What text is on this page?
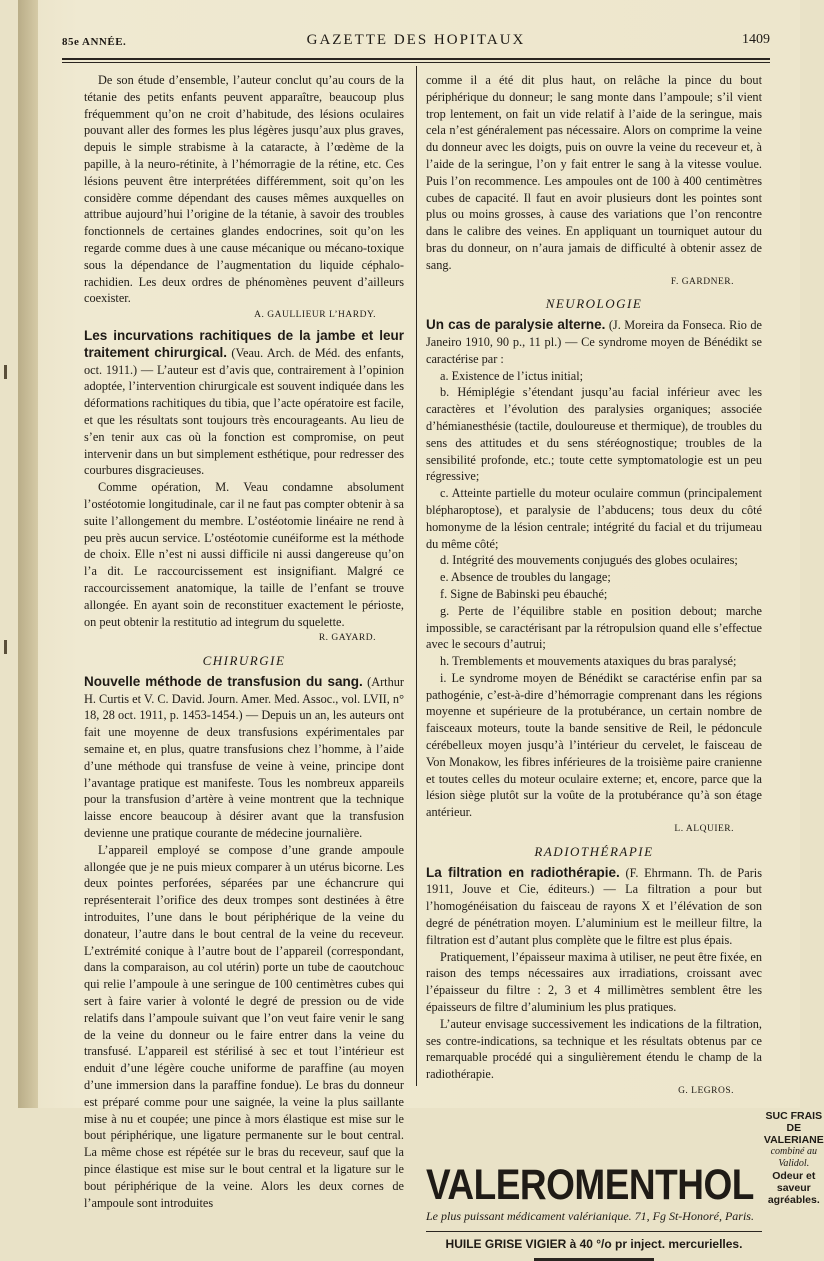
85e ANNÉE.	GAZETTE DES HOPITAUX	1409

De son étude d’ensemble, l’auteur conclut qu’au cours de la tétanie des petits enfants peuvent apparaître, beaucoup plus fréquemment qu’on ne croit d’habitude, des lésions oculaires pouvant aller des formes les plus légères jusqu’aux plus graves, depuis le simple strabisme à la cataracte, à l’œdème de la papille, à la neuro-rétinite, à l’hémorragie de la rétine, etc. Ces lésions peuvent être interprétées différemment, soit qu’on les considère comme dépendant des causes mêmes auxquelles on attribue aujourd’hui l’origine de la tétanie, à savoir des troubles fonctionnels de certaines glandes endocrines, soit qu’on les regarde comme dues à une cause mécanique ou mécano-toxique sous la dépendance de l’augmentation du liquide céphalo-rachidien. Les deux ordres de phénomènes peuvent d’ailleurs coexister.

A. GAULLIEUR L’HARDY.

Les incurvations rachitiques de la jambe et leur traitement chirurgical. (Veau. Arch. de Méd. des enfants, oct. 1911.) — L’auteur est d’avis que, contrairement à l’opinion adoptée, l’intervention chirurgicale est souvent indiquée dans les déformations rachitiques du tibia, que l’acte opératoire est facile, et que les résultats sont toujours très encourageants. Au lieu de s’en tenir aux cas où la fonction est compromise, on peut intervenir dans un but simplement esthétique, pour redresser des courbures disgracieuses.

Comme opération, M. Veau condamne absolument l’ostéotomie longitudinale, car il ne faut pas compter obtenir à sa suite l’allongement du membre. L’ostéotomie linéaire ne rend à peu près aucun service. L’ostéotomie cunéiforme est la méthode de choix. Elle n’est ni aussi difficile ni aussi dangereuse qu’on l’a dit. Le raccourcissement est insignifiant. Malgré ce raccourcissement anatomique, la taille de l’enfant se trouve allongée. En ayant soin de reconstituer exactement le périoste, on peut obtenir la restitutio ad integrum du squelette.

R. GAYARD.
CHIRURGIE

Nouvelle méthode de transfusion du sang. (Arthur H. Curtis et V. C. David. Journ. Amer. Med. Assoc., vol. LVII, n° 18, 28 oct. 1911, p. 1453-1454.) — Depuis un an, les auteurs ont fait une moyenne de deux transfusions expérimentales par semaine et, en plus, quatre transfusions chez l’homme, à l’aide d’une méthode qui transfuse de veine à veine, principe dont l’avantage pratique est manifeste. Tous les nombreux appareils pour la transfusion d’artère à veine montrent que la technique laisse encore beaucoup à désirer avant que la transfusion devienne une pratique courante de médecine journalière.

L’appareil employé se compose d’une grande ampoule allongée que je ne puis mieux comparer à un utérus bicorne. Les deux pointes perforées, séparées par une échancrure qui représenterait l’orifice des deux trompes sont destinées à être introduites, l’une dans le bout périphérique de la veine du donateur, l’autre dans le bout central de la veine du receveur. L’extrémité conique à l’autre bout de l’appareil (correspondant, dans la comparaison, au col utérin) porte un tube de caoutchouc qui relie l’ampoule à une seringue de 100 centimètres cubes qui sert à faire varier à volonté le degré de pression ou de vide relatifs dans l’ampoule suivant que l’on veut faire venir le sang de la veine du donneur ou le faire entrer dans la veine du transfusé. L’appareil est stérilisé à sec et tout l’intérieur est enduit d’une légère couche uniforme de paraffine (au moyen d’une immersion dans la paraffine fondue). Le bras du donneur est préparé comme pour une saignée, la veine la plus saillante mise à nu et coupée; une pince à mors élastique est mise sur le bout périphérique, une ligature permanente sur le bout central. La même chose est répétée sur le bras du receveur, sauf que la pince élastique est mise sur le bout central et la ligature sur le bout périphérique de la veine. Alors les deux cornes de l’ampoule sont introduites

comme il a été dit plus haut, on relâche la pince du bout périphérique du donneur; le sang monte dans l’ampoule; s’il vient trop lentement, on fait un vide relatif à l’aide de la seringue, mais cela n’est généralement pas nécessaire. Alors on comprime la veine du donneur avec les doigts, puis on ouvre la veine du receveur et, à l’aide de la seringue, l’on y fait entrer le sang à la vitesse voulue. Puis l’on recommence. Les ampoules ont de 100 à 400 centimètres cubes de capacité. Il faut en avoir plusieurs dont les pointes sont plus ou moins grosses, à cause des variations que l’on rencontre dans le calibre des veines. En appliquant un tourniquet autour du bras du donneur, on n’aura jamais de difficulté à obtenir assez de sang.

F. GARDNER.
NEUROLOGIE

Un cas de paralysie alterne. (J. Moreira da Fonseca. Rio de Janeiro 1910, 90 p., 11 pl.) — Ce syndrome moyen de Bénédikt se caractérise par :

a. Existence de l’ictus initial;

b. Hémiplégie s’étendant jusqu’au facial inférieur avec les caractères et l’évolution des paralysies organiques; associée d’hémianesthésie (tactile, douloureuse et thermique), de troubles du sens des attitudes et du sens stéréognostique; troubles de la sensibilité profonde, etc.; toute cette symptomatologie est un peu régressive;

c. Atteinte partielle du moteur oculaire commun (principalement blépharoptose), et paralysie de l’abducens; tous deux du côté homonyme de la lésion centrale; intégrité du facial et du trijumeau du même côté;

d. Intégrité des mouvements conjugués des globes oculaires;

e. Absence de troubles du langage;

f. Signe de Babinski peu ébauché;

g. Perte de l’équilibre stable en position debout; marche impossible, se caractérisant par la rétropulsion quand elle s’effectue avec le secours d’autrui;

h. Tremblements et mouvements ataxiques du bras paralysé;

i. Le syndrome moyen de Bénédikt se caractérise enfin par sa pathogénie, c’est-à-dire d’hémorragie comprenant dans les régions moyenne et supérieure de la protubérance, un certain nombre de faisceaux moteurs, toute la bande sensitive de Reil, le pédoncule cérébelleux moyen jusqu’à l’intérieur du cervelet, le faisceau de Von Monakow, les fibres inférieures de la troisième paire cranienne et toutes celles du moteur oculaire externe; et, encore, parce que la lésion siège plutôt sur la voûte de la protubérance qu’à son étage antérieur.

L. ALQUIER.
RADIOTHÉRAPIE

La filtration en radiothérapie. (F. Ehrmann. Th. de Paris 1911, Jouve et Cie, éditeurs.) — La filtration a pour but l’homogénéisation du faisceau de rayons X et l’élévation de son degré de pénétration moyen. L’aluminium est le meilleur filtre, la filtration est d’autant plus complète que le filtre est plus épais.

Pratiquement, l’épaisseur maxima à utiliser, ne peut être fixée, en raison des temps nécessaires aux irradiations, croissant avec l’épaisseur du filtre : 2, 3 et 4 millimètres semblent être les épaisseurs de filtre d’aluminium les plus pratiques.

L’auteur envisage successivement les indications de la filtration, ses contre-indications, sa technique et les résultats obtenus par ce remarquable procédé qui a singulièrement étendu le champ de la radiothérapie.

G. LEGROS.
VALEROMENTHOL
SUC FRAIS DE VALERIANE
combiné au Validol.
Odeur et saveur agréables.
Le plus puissant médicament valérianique. 71, Fg St-Honoré, Paris.
HUILE GRISE VIGIER à 40 °/o pr inject. mercurielles.
